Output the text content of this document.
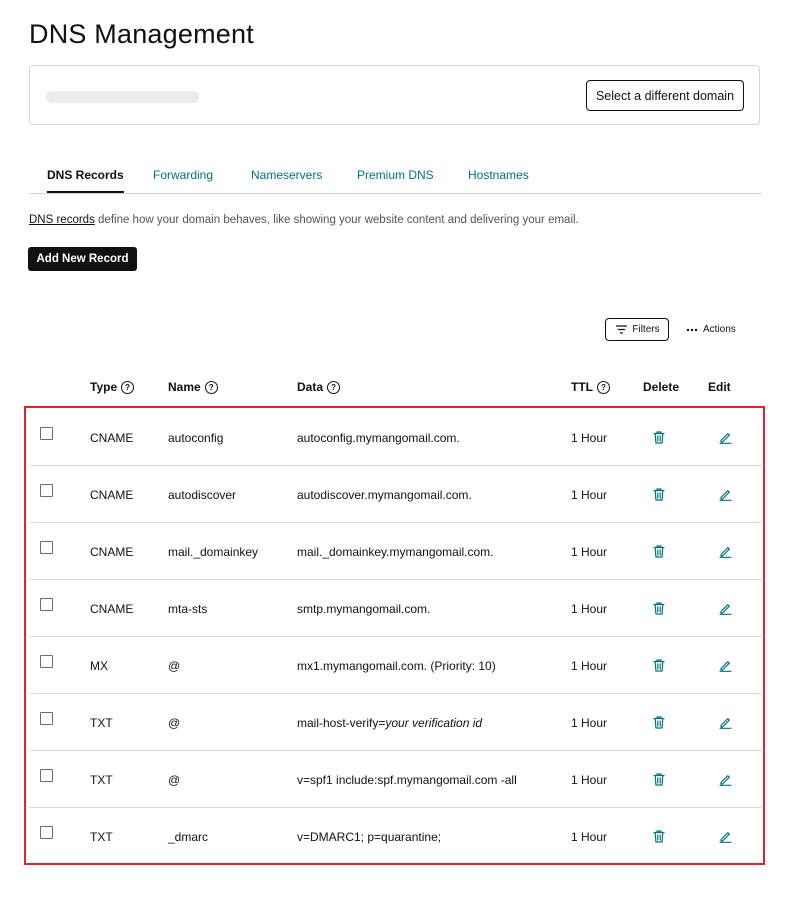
DNS Management
Select a different domain
DNS Records Forwarding	Nameservers	Premium DNS	Hostnames
DNS records define how your domain behaves, like showing your website content and delivering your email.
Add New Record
Filters	Actions
Type	?	Name	?	Data	?	TTL	?	Delete Edit
CNAME	autoconfig	autoconfig.mymangomail.com.	1 Hour
CNAME	autodiscover	autodiscover.mymangomail.com.	1 Hour
CNAME	mail._domainkey	mail._domainkey.mymangomail.com.	1 Hour
CNAME	mta-sts	smtp.mymangomail.com.	1 Hour
MX	@	mx1.mymangomail.com. (Priority: 10)	1 Hour
TXT	@	mail-host-verify= your verification id	1 Hour
TXT	@	v=spf1 include:spf.mymangomail.com -all	1 Hour
TXT	_dmarc	v=DMARC1; p=quarantine;	1 Hour
